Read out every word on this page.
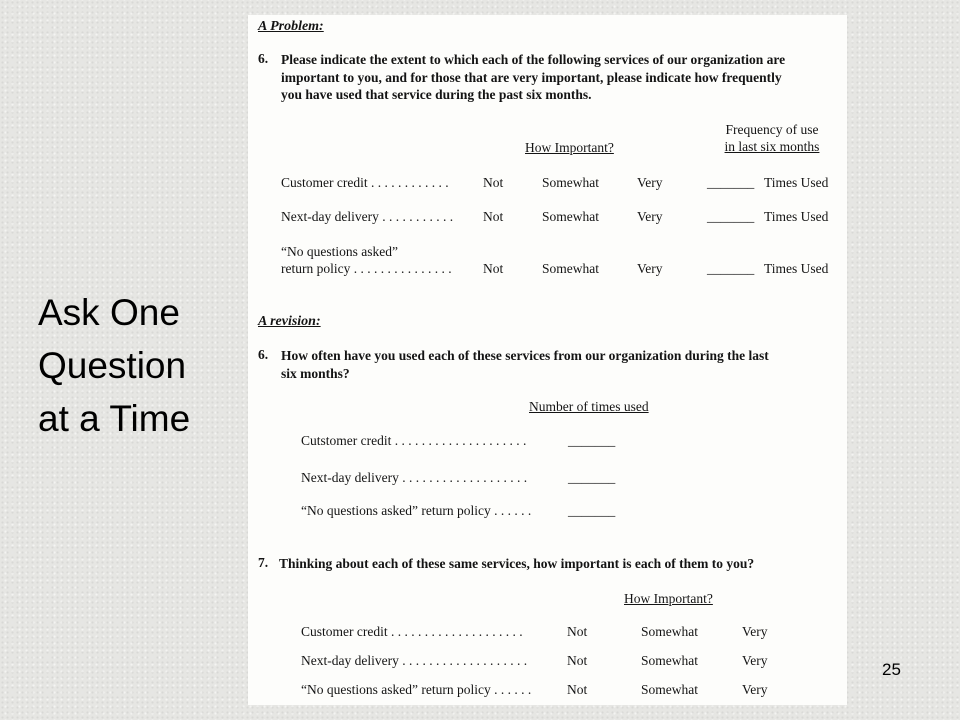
Ask One
Question
at a Time
A Problem:
6. Please indicate the extent to which each of the following services of our organization are
important to you, and for those that are very important, please indicate how frequently
you have used that service during the past six months.
Frequency of use
in last six months
How Important?
Customer credit . . . . . . . . . . . .	Not	Somewhat	Very	_______ Times Used
Next-day delivery . . . . . . . . . . . Not	Somewhat	Very	_______ Times Used
“No questions asked”
return policy . . . . . . . . . . . . . . . Not	Somewhat	Very	_______ Times Used
A revision:
6. How often have you used each of these services from our organization during the last
six months?
Number of times used
Cutstomer credit . . . . . . . . . . . . . . . . . . . .	_______
Next-day delivery . . . . . . . . . . . . . . . . . . .	_______
“No questions asked” return policy . . . . . .	_______
7. Thinking about each of these same services, how important is each of them to you?
How Important?
Customer credit . . . . . . . . . . . . . . . . . . . .	Not	Somewhat	Very
Next-day delivery . . . . . . . . . . . . . . . . . . .	Not	Somewhat	Very
“No questions asked” return policy . . . . . .	Not	Somewhat	Very
25
